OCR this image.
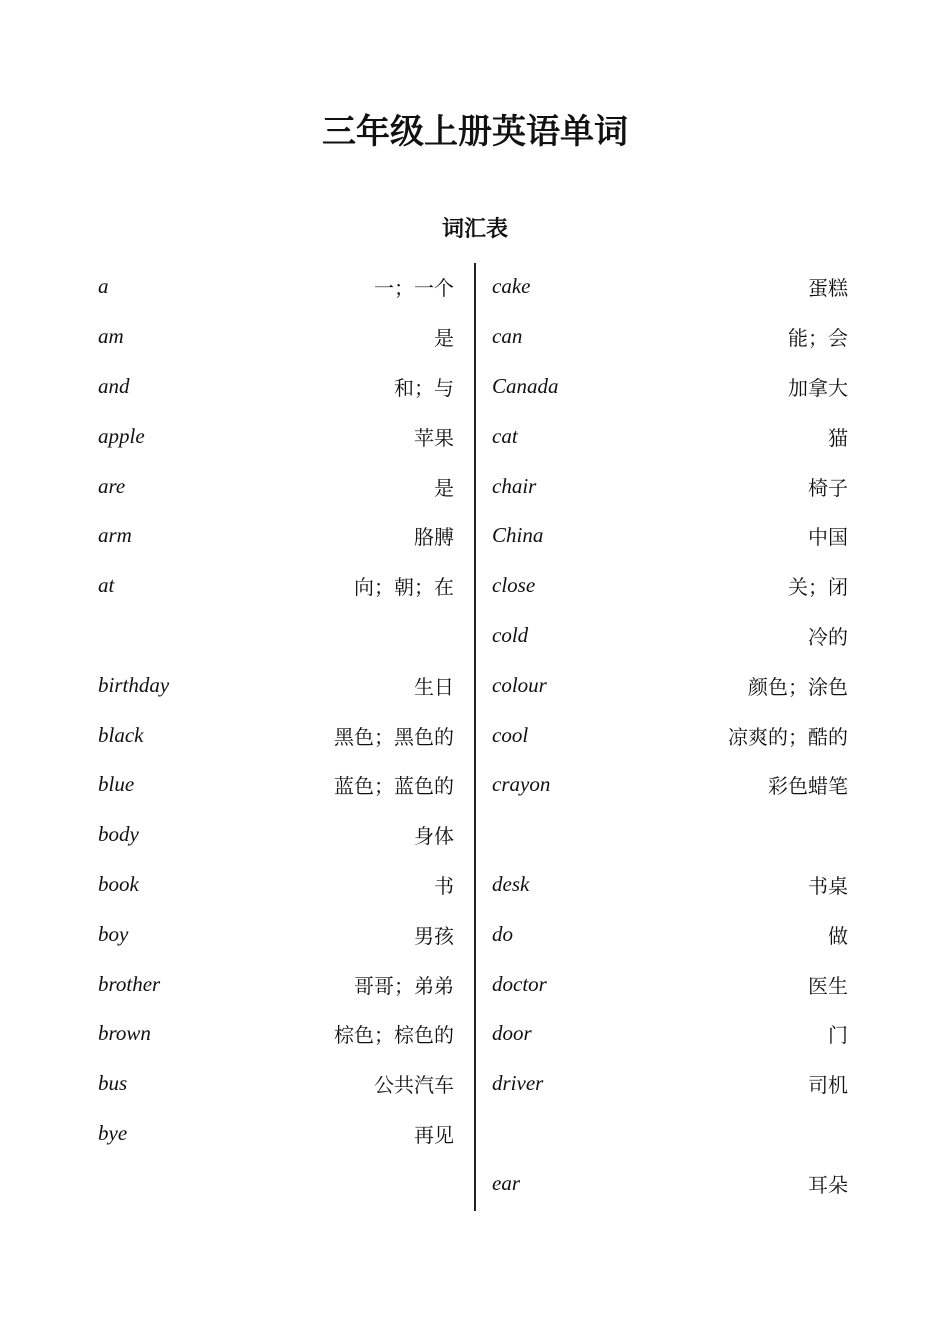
三年级上册英语单词
词汇表
a	一；一个
am	是
and	和；与
apple	苹果
are	是
arm	胳膊
at	向；朝；在
birthday	生日
black	黑色；黑色的
blue	蓝色；蓝色的
body	身体
book	书
boy	男孩
brother	哥哥；弟弟
brown	棕色；棕色的
bus	公共汽车
bye	再见
cake	蛋糕
can	能；会
Canada	加拿大
cat	猫
chair	椅子
China	中国
close	关；闭
cold	冷的
colour	颜色；涂色
cool	凉爽的；酷的
crayon	彩色蜡笔
desk	书桌
do	做
doctor	医生
door	门
driver	司机
ear	耳朵
